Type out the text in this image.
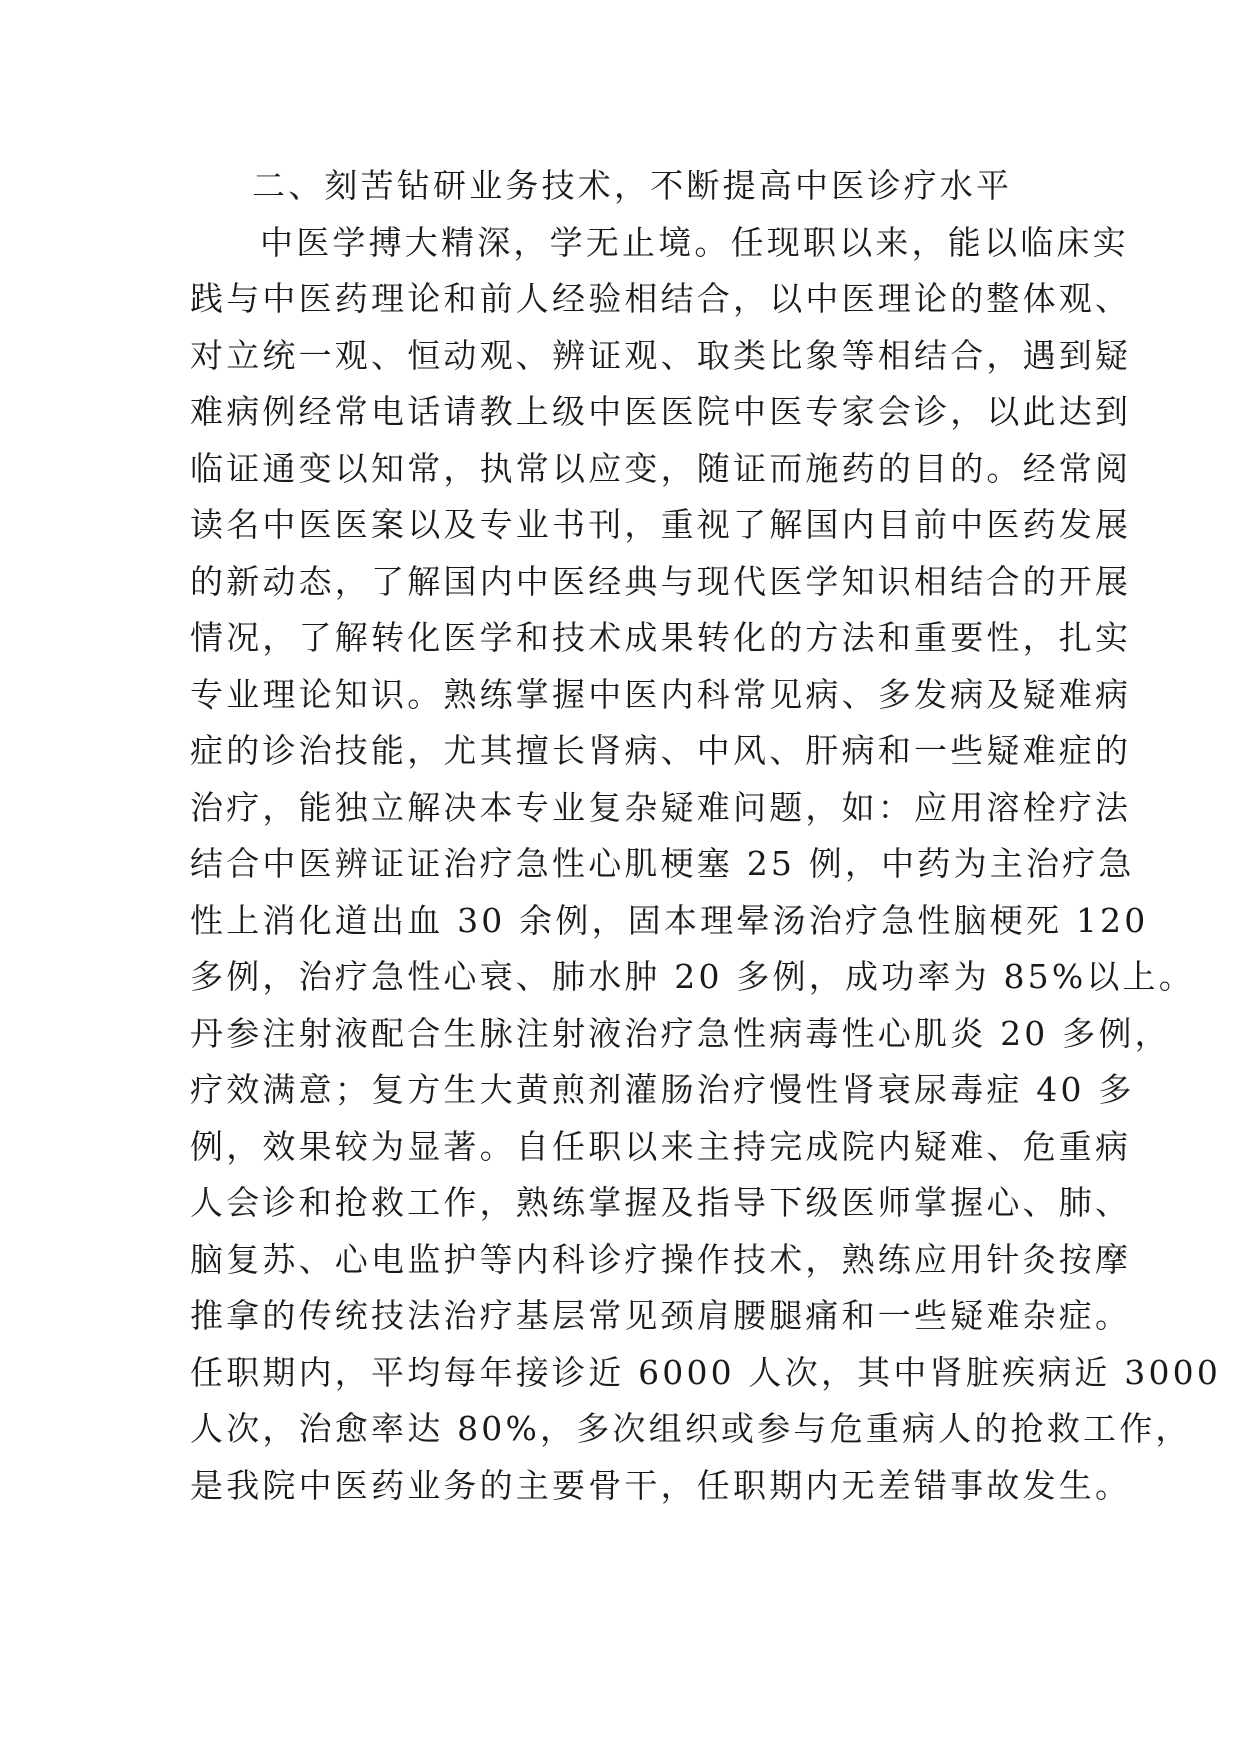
二、刻苦钻研业务技术，不断提高中医诊疗水平
中医学搏大精深，学无止境。任现职以来，能以临床实
践与中医药理论和前人经验相结合，以中医理论的整体观、
对立统一观、恒动观、辨证观、取类比象等相结合，遇到疑
难病例经常电话请教上级中医医院中医专家会诊，以此达到
临证通变以知常，执常以应变，随证而施药的目的。经常阅
读名中医医案以及专业书刊，重视了解国内目前中医药发展
的新动态，了解国内中医经典与现代医学知识相结合的开展
情况，了解转化医学和技术成果转化的方法和重要性，扎实
专业理论知识。熟练掌握中医内科常见病、多发病及疑难病
症的诊治技能，尤其擅长肾病、中风、肝病和一些疑难症的
治疗，能独立解决本专业复杂疑难问题，如：应用溶栓疗法
结合中医辨证证治疗急性心肌梗塞 25 例，中药为主治疗急
性上消化道出血 30 余例，固本理晕汤治疗急性脑梗死 120
多例，治疗急性心衰、肺水肿 20 多例，成功率为 85%以上。
丹参注射液配合生脉注射液治疗急性病毒性心肌炎 20 多例，
疗效满意；复方生大黄煎剂灌肠治疗慢性肾衰尿毒症 40 多
例，效果较为显著。自任职以来主持完成院内疑难、危重病
人会诊和抢救工作，熟练掌握及指导下级医师掌握心、肺、
脑复苏、心电监护等内科诊疗操作技术，熟练应用针灸按摩
推拿的传统技法治疗基层常见颈肩腰腿痛和一些疑难杂症。
任职期内，平均每年接诊近 6000 人次，其中肾脏疾病近 3000
人次，治愈率达 80%，多次组织或参与危重病人的抢救工作，
是我院中医药业务的主要骨干，任职期内无差错事故发生。
